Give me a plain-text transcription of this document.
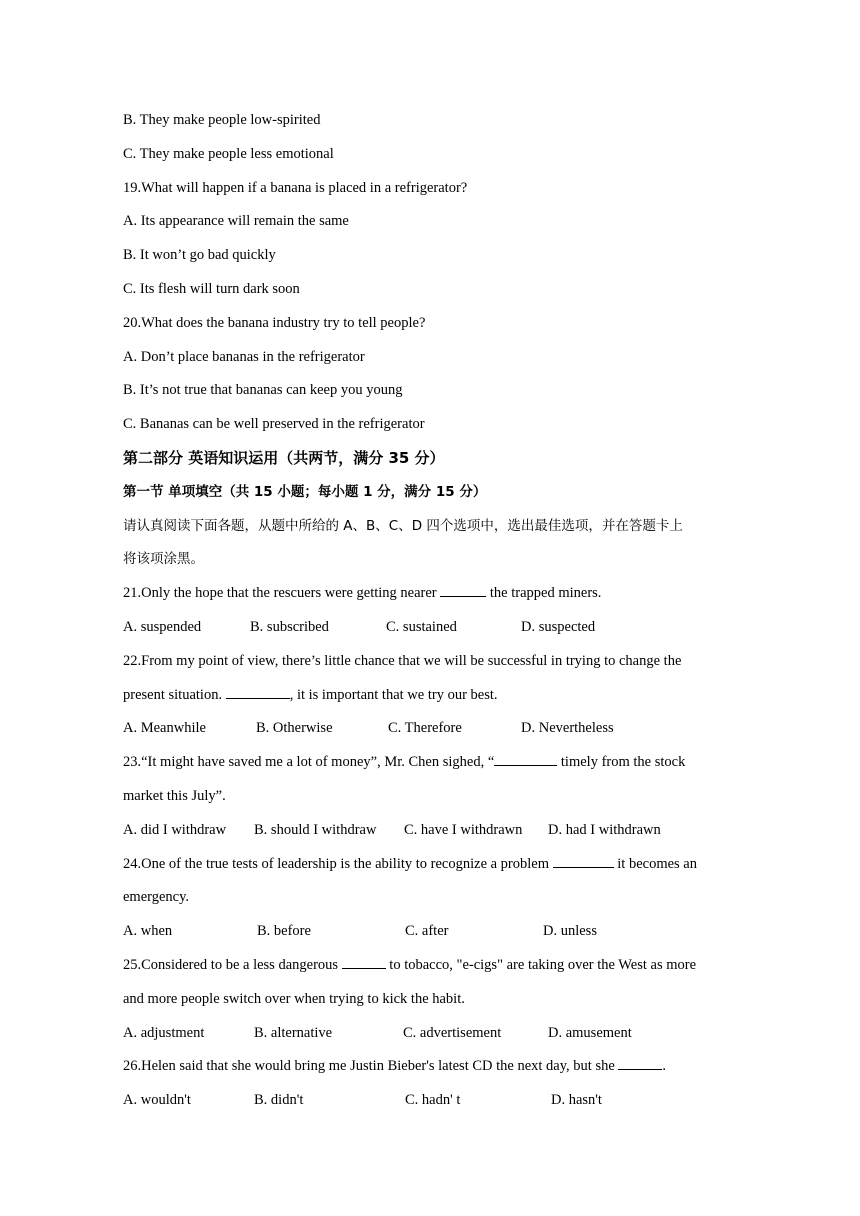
B. They make people low-spirited
C. They make people less emotional
19.What will happen if a banana is placed in a refrigerator?
A. Its appearance will remain the same
B. It won’t go bad quickly
C. Its flesh will turn dark soon
20.What does the banana industry try to tell people?
A. Don’t place bananas in the refrigerator
B. It’s not true that bananas can keep you young
C. Bananas can be well preserved in the refrigerator
第二部分 英语知识运用（共两节，满分 35 分）
第一节 单项填空（共 15 小题；每小题 1 分，满分 15 分）
请认真阅读下面各题，从题中所给的 A、B、C、D 四个选项中，选出最佳选项，并在答题卡上
将该项涂黑。
21.Only the hope that the rescuers were getting nearer	the trapped miners.
A. suspended	B. subscribed	C. sustained	D. suspected
22.From my point of view, there’s little chance that we will be successful in trying to change the
present situation.	, it is important that we try our best.
A. Meanwhile	B. Otherwise	C. Therefore	D. Nevertheless
23.“It might have saved me a lot of money”, Mr. Chen sighed, “	timely from the stock
market this July”.
A. did I withdraw B. should I withdraw C. have I withdrawn D. had I withdrawn
24.One of the true tests of leadership is the ability to recognize a problem	it becomes an
emergency.
A. when	B. before	C. after	D. unless
25.Considered to be a less dangerous	to tobacco, "e-cigs" are taking over the West as more
and more people switch over when trying to kick the habit.
A. adjustment	B. alternative	C. advertisement	D. amusement
26.Helen said that she would bring me Justin Bieber's latest CD the next day, but she	.
A. wouldn't	B. didn't	C. hadn' t	D. hasn't
